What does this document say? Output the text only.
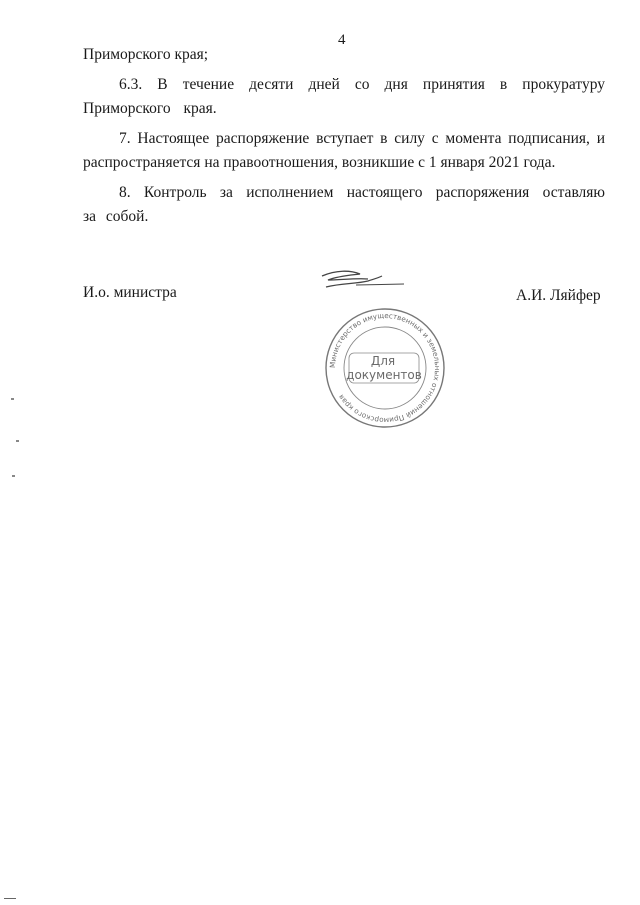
4

Приморского края;

6.3. В течение десяти дней со дня принятия в прокуратуру Приморского края.

7. Настоящее распоряжение вступает в силу с момента подписания, и распространяется на правоотношения, возникшие с 1 января 2021 года.

8. Контроль за исполнением настоящего распоряжения оставляю за собой.

И.о. министра	А.И. Ляйфер
Министерство имущественных и земельных отношений Приморского края
Для
документов
